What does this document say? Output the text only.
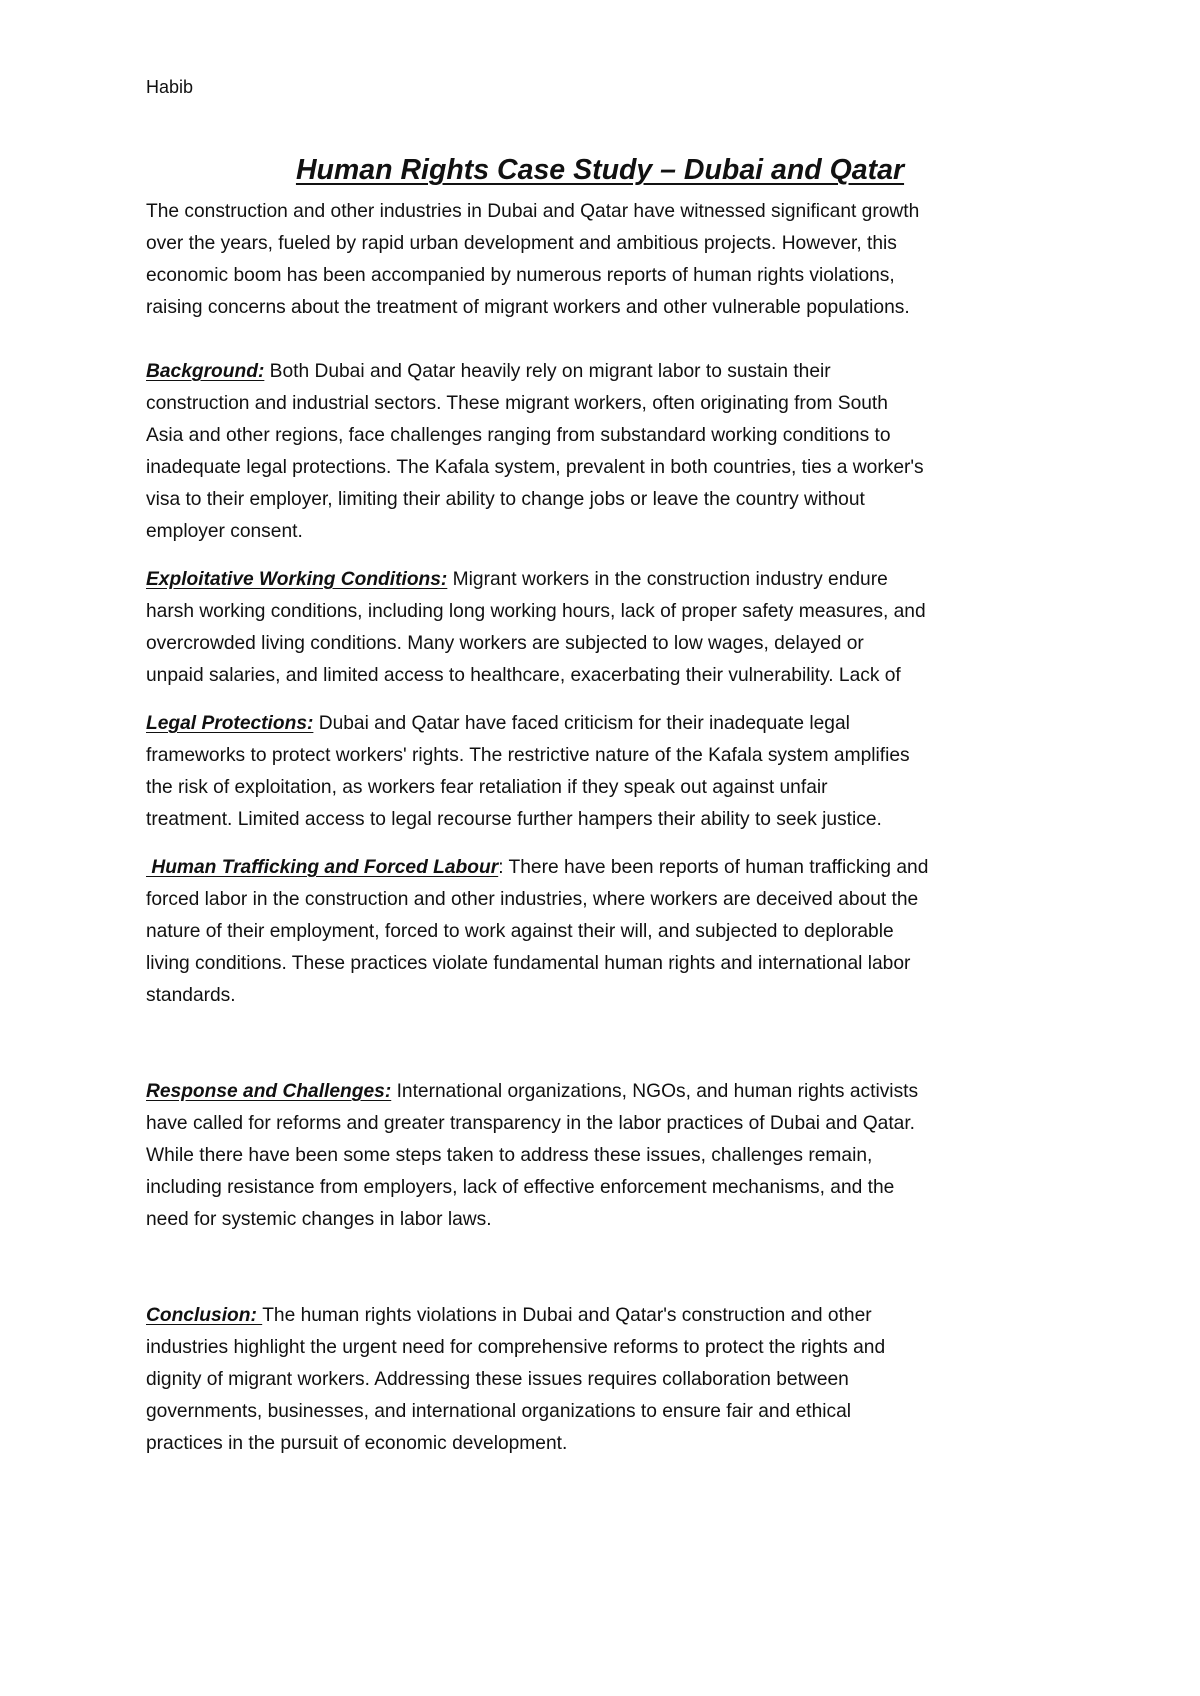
Habib
Human Rights Case Study – Dubai and Qatar

The construction and other industries in Dubai and Qatar have witnessed significant growth
over the years, fueled by rapid urban development and ambitious projects. However, this
economic boom has been accompanied by numerous reports of human rights violations,
raising concerns about the treatment of migrant workers and other vulnerable populations.

Background: Both Dubai and Qatar heavily rely on migrant labor to sustain their
construction and industrial sectors. These migrant workers, often originating from South
Asia and other regions, face challenges ranging from substandard working conditions to
inadequate legal protections. The Kafala system, prevalent in both countries, ties a worker's
visa to their employer, limiting their ability to change jobs or leave the country without
employer consent.

Exploitative Working Conditions: Migrant workers in the construction industry endure
harsh working conditions, including long working hours, lack of proper safety measures, and
overcrowded living conditions. Many workers are subjected to low wages, delayed or
unpaid salaries, and limited access to healthcare, exacerbating their vulnerability. Lack of

Legal Protections: Dubai and Qatar have faced criticism for their inadequate legal
frameworks to protect workers' rights. The restrictive nature of the Kafala system amplifies
the risk of exploitation, as workers fear retaliation if they speak out against unfair
treatment. Limited access to legal recourse further hampers their ability to seek justice.

Human Trafficking and Forced Labour: There have been reports of human trafficking and
forced labor in the construction and other industries, where workers are deceived about the
nature of their employment, forced to work against their will, and subjected to deplorable
living conditions. These practices violate fundamental human rights and international labor
standards.

Response and Challenges: International organizations, NGOs, and human rights activists
have called for reforms and greater transparency in the labor practices of Dubai and Qatar.
While there have been some steps taken to address these issues, challenges remain,
including resistance from employers, lack of effective enforcement mechanisms, and the
need for systemic changes in labor laws.

Conclusion: The human rights violations in Dubai and Qatar's construction and other
industries highlight the urgent need for comprehensive reforms to protect the rights and
dignity of migrant workers. Addressing these issues requires collaboration between
governments, businesses, and international organizations to ensure fair and ethical
practices in the pursuit of economic development.
